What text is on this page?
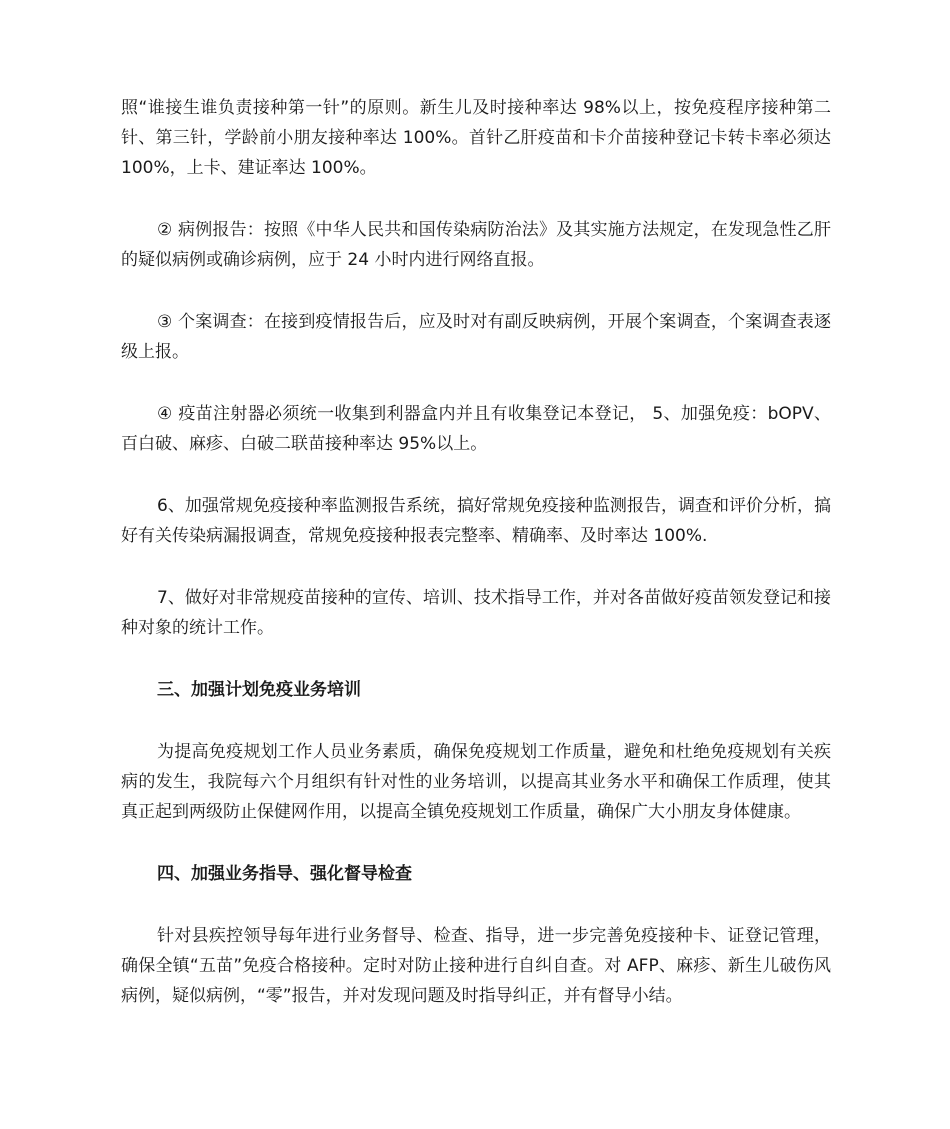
照“谁接生谁负责接种第一针”的原则。新生儿及时接种率达 98%以上，按免疫程序接种第二针、第三针，学龄前小朋友接种率达 100%。首针乙肝疫苗和卡介苗接种登记卡转卡率必须达 100%，上卡、建证率达 100%。

② 病例报告：按照《中华人民共和国传染病防治法》及其实施方法规定，在发现急性乙肝的疑似病例或确诊病例，应于 24 小时内进行网络直报。

③ 个案调查：在接到疫情报告后，应及时对有副反映病例，开展个案调查，个案调查表逐级上报。

④ 疫苗注射器必须统一收集到利器盒内并且有收集登记本登记， 5、加强免疫：bOPV、百白破、麻疹、白破二联苗接种率达 95%以上。

6、加强常规免疫接种率监测报告系统，搞好常规免疫接种监测报告，调查和评价分析，搞好有关传染病漏报调查，常规免疫接种报表完整率、精确率、及时率达 100%.

7、做好对非常规疫苗接种的宣传、培训、技术指导工作，并对各苗做好疫苗领发登记和接种对象的统计工作。

三、加强计划免疫业务培训

为提高免疫规划工作人员业务素质，确保免疫规划工作质量，避免和杜绝免疫规划有关疾病的发生，我院每六个月组织有针对性的业务培训，以提高其业务水平和确保工作质理，使其真正起到两级防止保健网作用，以提高全镇免疫规划工作质量，确保广大小朋友身体健康。

四、加强业务指导、强化督导检查

针对县疾控领导每年进行业务督导、检查、指导，进一步完善免疫接种卡、证登记管理，确保全镇“五苗”免疫合格接种。定时对防止接种进行自纠自查。对 AFP、麻疹、新生儿破伤风病例，疑似病例，“零”报告，并对发现问题及时指导纠正，并有督导小结。
